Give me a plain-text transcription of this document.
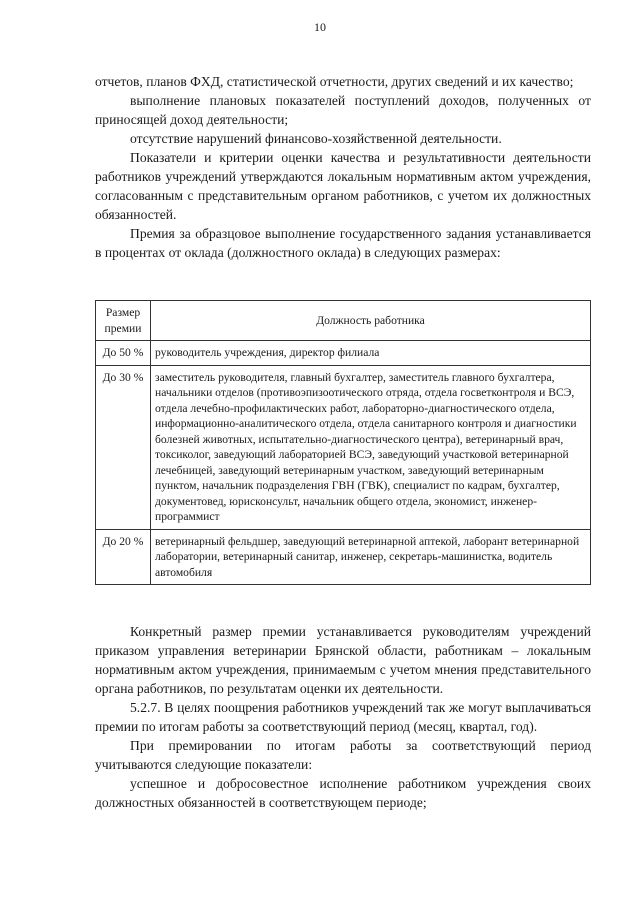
10

отчетов, планов ФХД, статистической отчетности, других сведений и их качество;

выполнение плановых показателей поступлений доходов, полученных от приносящей доход деятельности;

отсутствие нарушений финансово-хозяйственной деятельности.

Показатели и критерии оценки качества и результативности деятельности работников учреждений утверждаются локальным нормативным актом учреждения, согласованным с представительным органом работников, с учетом их должностных обязанностей.

Премия за образцовое выполнение государственного задания устанавливается в процентах от оклада (должностного оклада) в следующих размерах:

Размер премии	Должность работника
До 50 %	руководитель учреждения, директор филиала
До 30 %	заместитель руководителя, главный бухгалтер, заместитель главного бухгалтера, начальники отделов (противоэпизоотического отряда, отдела госветконтроля и ВСЭ, отдела лечебно-профилактических работ, лабораторно-диагностического отдела, информационно-аналитического отдела, отдела санитарного контроля и диагностики болезней животных, испытательно-диагностического центра), ветеринарный врач, токсиколог, заведующий лабораторией ВСЭ, заведующий участковой ветеринарной лечебницей, заведующий ветеринарным участком, заведующий ветеринарным пунктом, начальник подразделения ГВН (ГВК), специалист по кадрам, бухгалтер, документовед, юрисконсульт, начальник общего отдела, экономист, инженер-программист
До 20 %	ветеринарный фельдшер, заведующий ветеринарной аптекой, лаборант ветеринарной лаборатории, ветеринарный санитар, инженер, секретарь-машинистка, водитель автомобиля

Конкретный размер премии устанавливается руководителям учреждений приказом управления ветеринарии Брянской области, работникам – локальным нормативным актом учреждения, принимаемым с учетом мнения представительного органа работников, по результатам оценки их деятельности.

5.2.7. В целях поощрения работников учреждений так же могут выплачиваться премии по итогам работы за соответствующий период (месяц, квартал, год).

При премировании по итогам работы за соответствующий период учитываются следующие показатели:

успешное и добросовестное исполнение работником учреждения своих должностных обязанностей в соответствующем периоде;
